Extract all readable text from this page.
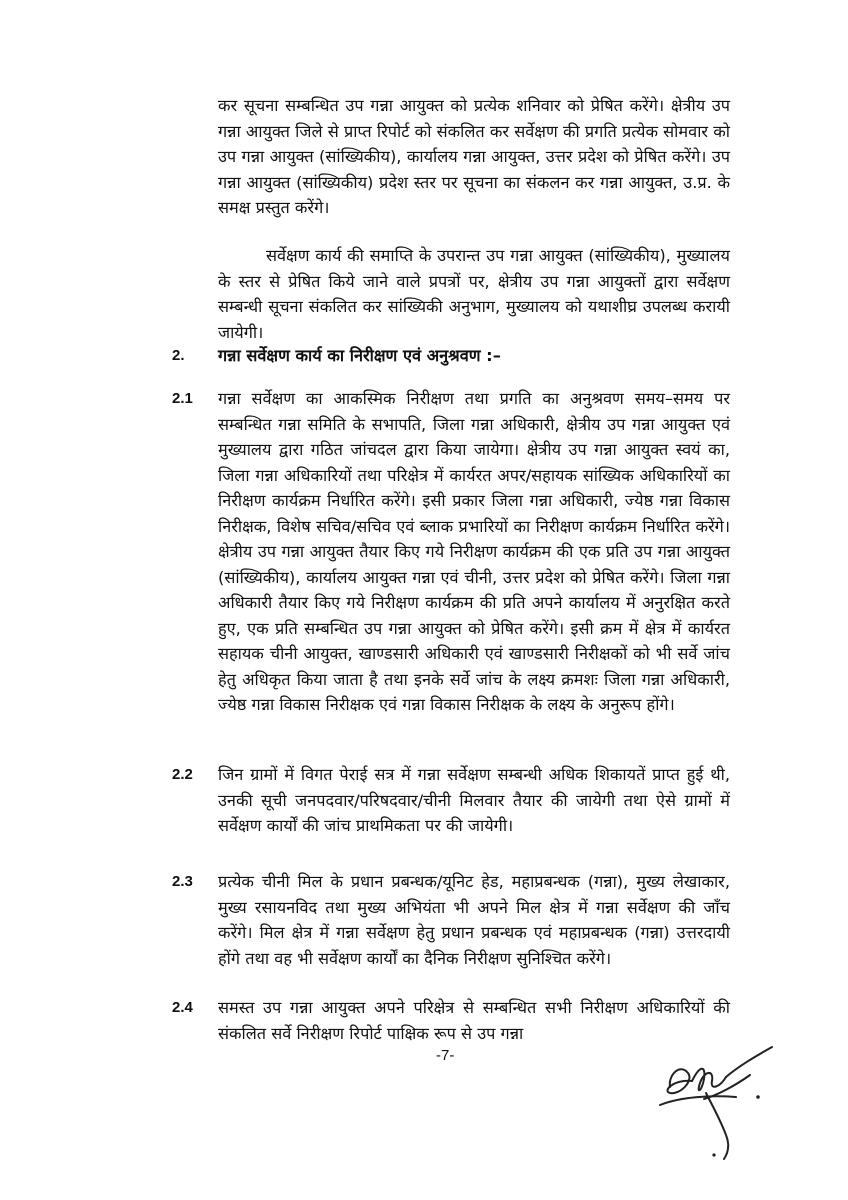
कर सूचना सम्बन्धित उप गन्ना आयुक्त को प्रत्येक शनिवार को प्रेषित करेंगे। क्षेत्रीय उप गन्ना आयुक्त जिले से प्राप्त रिपोर्ट को संकलित कर सर्वेक्षण की प्रगति प्रत्येक सोमवार को उप गन्ना आयुक्त (सांख्यिकीय), कार्यालय गन्ना आयुक्त, उत्तर प्रदेश को प्रेषित करेंगे। उप गन्ना आयुक्त (सांख्यिकीय) प्रदेश स्तर पर सूचना का संकलन कर गन्ना आयुक्त, उ.प्र. के समक्ष प्रस्तुत करेंगे।

सर्वेक्षण कार्य की समाप्ति के उपरान्त उप गन्ना आयुक्त (सांख्यिकीय), मुख्यालय के स्तर से प्रेषित किये जाने वाले प्रपत्रों पर, क्षेत्रीय उप गन्ना आयुक्तों द्वारा सर्वेक्षण सम्बन्धी सूचना संकलित कर सांख्यिकी अनुभाग, मुख्यालय को यथाशीघ्र उपलब्ध करायी जायेगी।

2. गन्ना सर्वेक्षण कार्य का निरीक्षण एवं अनुश्रवण :–
2.1 गन्ना सर्वेक्षण का आकस्मिक निरीक्षण तथा प्रगति का अनुश्रवण समय–समय पर सम्बन्धित गन्ना समिति के सभापति, जिला गन्ना अधिकारी, क्षेत्रीय उप गन्ना आयुक्त एवं मुख्यालय द्वारा गठित जांचदल द्वारा किया जायेगा। क्षेत्रीय उप गन्ना आयुक्त स्वयं का, जिला गन्ना अधिकारियों तथा परिक्षेत्र में कार्यरत अपर/सहायक सांख्यिक अधिकारियों का निरीक्षण कार्यक्रम निर्धारित करेंगे। इसी प्रकार जिला गन्ना अधिकारी, ज्येष्ठ गन्ना विकास निरीक्षक, विशेष सचिव/सचिव एवं ब्लाक प्रभारियों का निरीक्षण कार्यक्रम निर्धारित करेंगे। क्षेत्रीय उप गन्ना आयुक्त तैयार किए गये निरीक्षण कार्यक्रम की एक प्रति उप गन्ना आयुक्त (सांख्यिकीय), कार्यालय आयुक्त गन्ना एवं चीनी, उत्तर प्रदेश को प्रेषित करेंगे। जिला गन्ना अधिकारी तैयार किए गये निरीक्षण कार्यक्रम की प्रति अपने कार्यालय में अनुरक्षित करते हुए, एक प्रति सम्बन्धित उप गन्ना आयुक्त को प्रेषित करेंगे। इसी क्रम में क्षेत्र में कार्यरत सहायक चीनी आयुक्त, खाण्डसारी अधिकारी एवं खाण्डसारी निरीक्षकों को भी सर्वे जांच हेतु अधिकृत किया जाता है तथा इनके सर्वे जांच के लक्ष्य क्रमशः जिला गन्ना अधिकारी, ज्येष्ठ गन्ना विकास निरीक्षक एवं गन्ना विकास निरीक्षक के लक्ष्य के अनुरूप होंगे।

2.2 जिन ग्रामों में विगत पेराई सत्र में गन्ना सर्वेक्षण सम्बन्धी अधिक शिकायतें प्राप्त हुई थी, उनकी सूची जनपदवार/परिषदवार/चीनी मिलवार तैयार की जायेगी तथा ऐसे ग्रामों में सर्वेक्षण कार्यों की जांच प्राथमिकता पर की जायेगी।

2.3 प्रत्येक चीनी मिल के प्रधान प्रबन्धक/यूनिट हेड, महाप्रबन्धक (गन्ना), मुख्य लेखाकार, मुख्य रसायनविद तथा मुख्य अभियंता भी अपने मिल क्षेत्र में गन्ना सर्वेक्षण की जाँच करेंगे। मिल क्षेत्र में गन्ना सर्वेक्षण हेतु प्रधान प्रबन्धक एवं महाप्रबन्धक (गन्ना) उत्तरदायी होंगे तथा वह भी सर्वेक्षण कार्यों का दैनिक निरीक्षण सुनिश्चित करेंगे।

2.4 समस्त उप गन्ना आयुक्त अपने परिक्षेत्र से सम्बन्धित सभी निरीक्षण अधिकारियों की संकलित सर्वे निरीक्षण रिपोर्ट पाक्षिक रूप से उप गन्ना

-7-
